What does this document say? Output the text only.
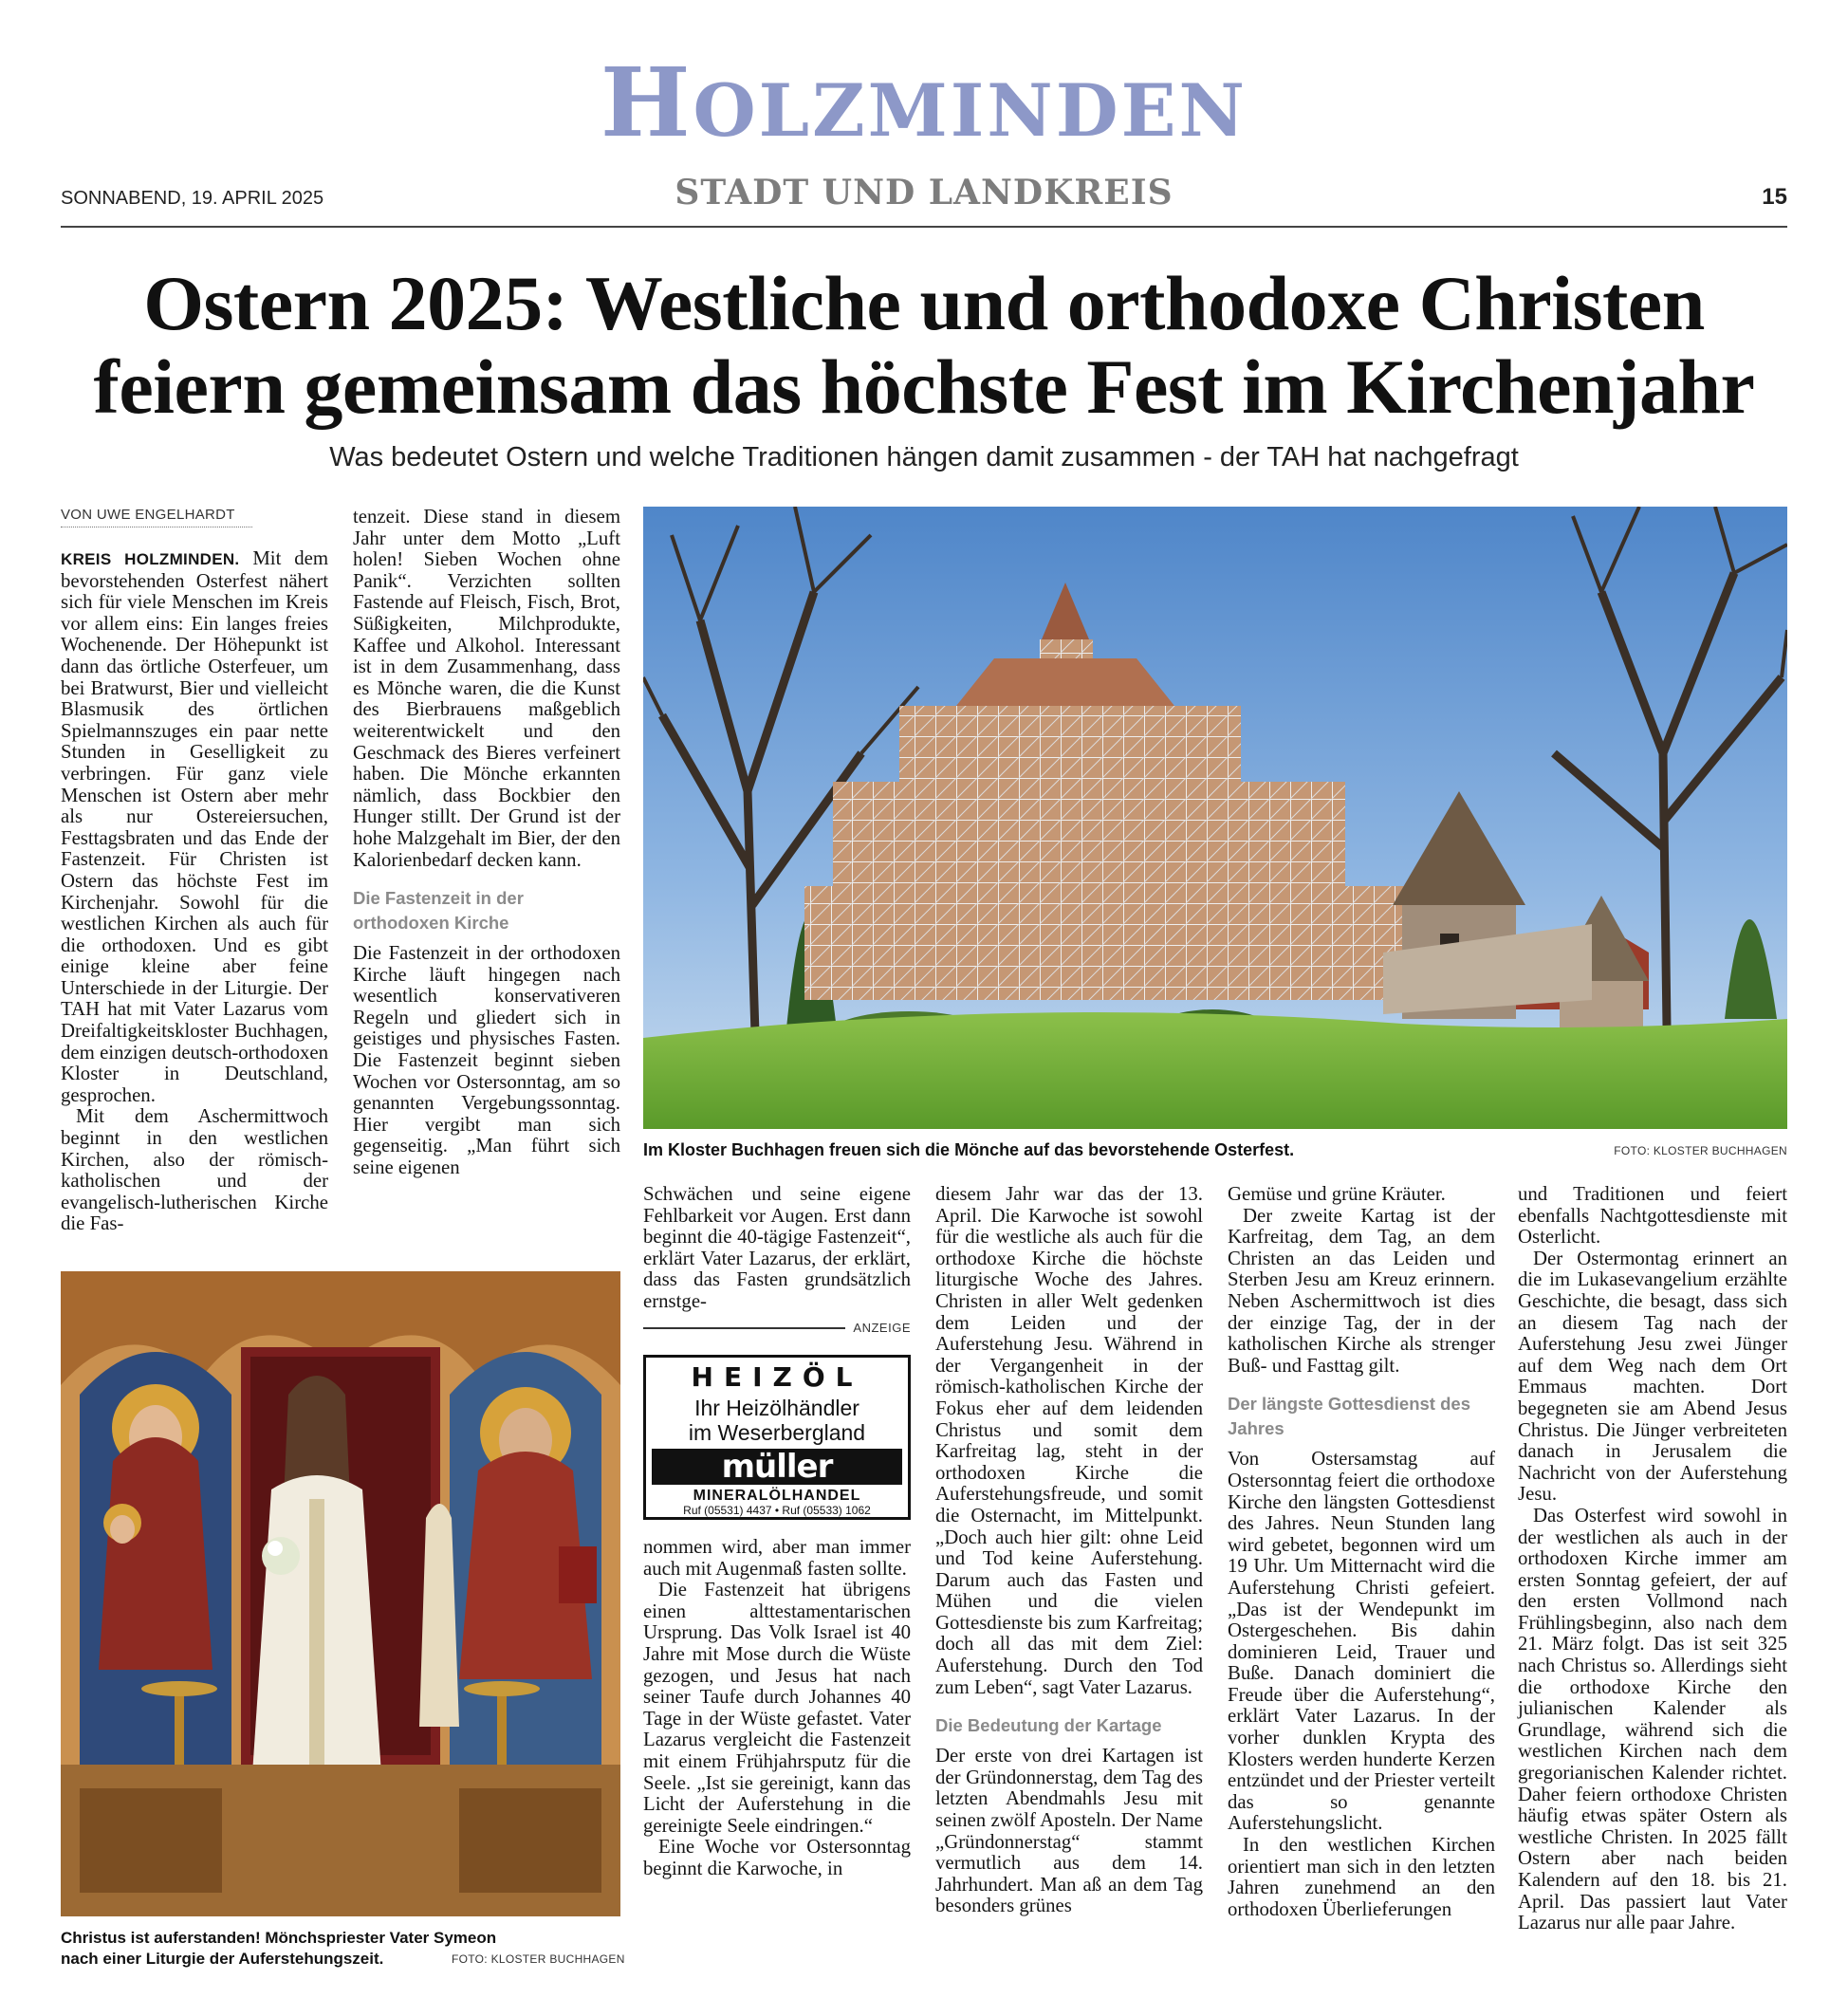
HOLZMINDEN
SONNABEND, 19. APRIL 2025	STADT UND LANDKREIS	15
Ostern 2025: Westliche und orthodoxe Christen
feiern gemeinsam das höchste Fest im Kirchenjahr
Was bedeutet Ostern und welche Traditionen hängen damit zusammen - der TAH hat nachgefragt
VON UWE ENGELHARDT

KREIS HOLZMINDEN. Mit dem bevorstehenden Osterfest nähert sich für viele Menschen im Kreis vor allem eins: Ein langes freies Wochenende. Der Höhepunkt ist dann das örtliche Osterfeuer, um bei Bratwurst, Bier und vielleicht Blasmusik des örtlichen Spielmannszuges ein paar nette Stunden in Geselligkeit zu verbringen. Für ganz viele Menschen ist Ostern aber mehr als nur Ostereiersuchen, Festtagsbraten und das Ende der Fastenzeit. Für Christen ist Ostern das höchste Fest im Kirchenjahr. Sowohl für die westlichen Kirchen als auch für die orthodoxen. Und es gibt einige kleine aber feine Unterschiede in der Liturgie. Der TAH hat mit Vater Lazarus vom Dreifaltigkeitskloster Buchhagen, dem einzigen deutsch-orthodoxen Kloster in Deutschland, gesprochen.

Mit dem Aschermittwoch beginnt in den westlichen Kirchen, also der römisch-katholischen und der evangelisch-lutherischen Kirche die Fas-

tenzeit. Diese stand in diesem Jahr unter dem Motto „Luft holen! Sieben Wochen ohne Panik“. Verzichten sollten Fastende auf Fleisch, Fisch, Brot, Süßigkeiten, Milchprodukte, Kaffee und Alkohol. Interessant ist in dem Zusammenhang, dass es Mönche waren, die die Kunst des Bierbrauens maßgeblich weiterentwickelt und den Geschmack des Bieres verfeinert haben. Die Mönche erkannten nämlich, dass Bockbier den Hunger stillt. Der Grund ist der hohe Malzgehalt im Bier, der den Kalorienbedarf decken kann.

Die Fastenzeit in der orthodoxen Kirche

Die Fastenzeit in der orthodoxen Kirche läuft hingegen nach wesentlich konservativeren Regeln und gliedert sich in geistiges und physisches Fasten. Die Fastenzeit beginnt sieben Wochen vor Ostersonntag, am so genannten Vergebungssonntag. Hier vergibt man sich gegenseitig. „Man führt sich seine eigenen

Im Kloster Buchhagen freuen sich die Mönche auf das bevorstehende Osterfest.	FOTO: KLOSTER BUCHHAGEN

Schwächen und seine eigene Fehlbarkeit vor Augen. Erst dann beginnt die 40-tägige Fastenzeit“, erklärt Vater Lazarus, der erklärt, dass das Fasten grundsätzlich ernstge-

ANZEIGE
HEIZÖL
Ihr Heizölhändler
im Weserbergland
müller
MINERALÖLHANDEL
Ruf (05531) 4437 • Ruf (05533) 1062

nommen wird, aber man immer auch mit Augenmaß fasten sollte.

Die Fastenzeit hat übrigens einen alttestamentarischen Ursprung. Das Volk Israel ist 40 Jahre mit Mose durch die Wüste gezogen, und Jesus hat nach seiner Taufe durch Johannes 40 Tage in der Wüste gefastet. Vater Lazarus vergleicht die Fastenzeit mit einem Frühjahrsputz für die Seele. „Ist sie gereinigt, kann das Licht der Auferstehung in die gereinigte Seele eindringen.“

Eine Woche vor Ostersonntag beginnt die Karwoche, in

diesem Jahr war das der 13. April. Die Karwoche ist sowohl für die westliche als auch für die orthodoxe Kirche die höchste liturgische Woche des Jahres. Christen in aller Welt gedenken dem Leiden und der Auferstehung Jesu. Während in der Vergangenheit in der römisch-katholischen Kirche der Fokus eher auf dem leidenden Christus und somit dem Karfreitag lag, steht in der orthodoxen Kirche die Auferstehungsfreude, und somit die Osternacht, im Mittelpunkt. „Doch auch hier gilt: ohne Leid und Tod keine Auferstehung. Darum auch das Fasten und Mühen und die vielen Gottesdienste bis zum Karfreitag; doch all das mit dem Ziel: Auferstehung. Durch den Tod zum Leben“, sagt Vater Lazarus.

Die Bedeutung der Kartage

Der erste von drei Kartagen ist der Gründonnerstag, dem Tag des letzten Abendmahls Jesu mit seinen zwölf Aposteln. Der Name „Gründonnerstag“ stammt vermutlich aus dem 14. Jahrhundert. Man aß an dem Tag besonders grünes

Gemüse und grüne Kräuter.

Der zweite Kartag ist der Karfreitag, dem Tag, an dem Christen an das Leiden und Sterben Jesu am Kreuz erinnern. Neben Aschermittwoch ist dies der einzige Tag, der in der katholischen Kirche als strenger Buß- und Fasttag gilt.

Der längste Gottesdienst des Jahres

Von Ostersamstag auf Ostersonntag feiert die orthodoxe Kirche den längsten Gottesdienst des Jahres. Neun Stunden lang wird gebetet, begonnen wird um 19 Uhr. Um Mitternacht wird die Auferstehung Christi gefeiert. „Das ist der Wendepunkt im Ostergeschehen. Bis dahin dominieren Leid, Trauer und Buße. Danach dominiert die Freude über die Auferstehung“, erklärt Vater Lazarus. In der vorher dunklen Krypta des Klosters werden hunderte Kerzen entzündet und der Priester verteilt das so genannte Auferstehungslicht.

In den westlichen Kirchen orientiert man sich in den letzten Jahren zunehmend an den orthodoxen Überlieferungen

und Traditionen und feiert ebenfalls Nachtgottesdienste mit Osterlicht.

Der Ostermontag erinnert an die im Lukasevangelium erzählte Geschichte, die besagt, dass sich an diesem Tag nach der Auferstehung Jesu zwei Jünger auf dem Weg nach dem Ort Emmaus machten. Dort begegneten sie am Abend Jesus Christus. Die Jünger verbreiteten danach in Jerusalem die Nachricht von der Auferstehung Jesu.

Das Osterfest wird sowohl in der westlichen als auch in der orthodoxen Kirche immer am ersten Sonntag gefeiert, der auf den ersten Vollmond nach Frühlingsbeginn, also nach dem 21. März folgt. Das ist seit 325 nach Christus so. Allerdings sieht die orthodoxe Kirche den julianischen Kalender als Grundlage, während sich die westlichen Kirchen nach dem gregorianischen Kalender richtet. Daher feiern orthodoxe Christen häufig etwas später Ostern als westliche Christen. In 2025 fällt Ostern aber nach beiden Kalendern auf den 18. bis 21. April. Das passiert laut Vater Lazarus nur alle paar Jahre.

Christus ist auferstanden! Mönchspriester Vater Symeon nach einer Liturgie der Auferstehungszeit.	FOTO: KLOSTER BUCHHAGEN
